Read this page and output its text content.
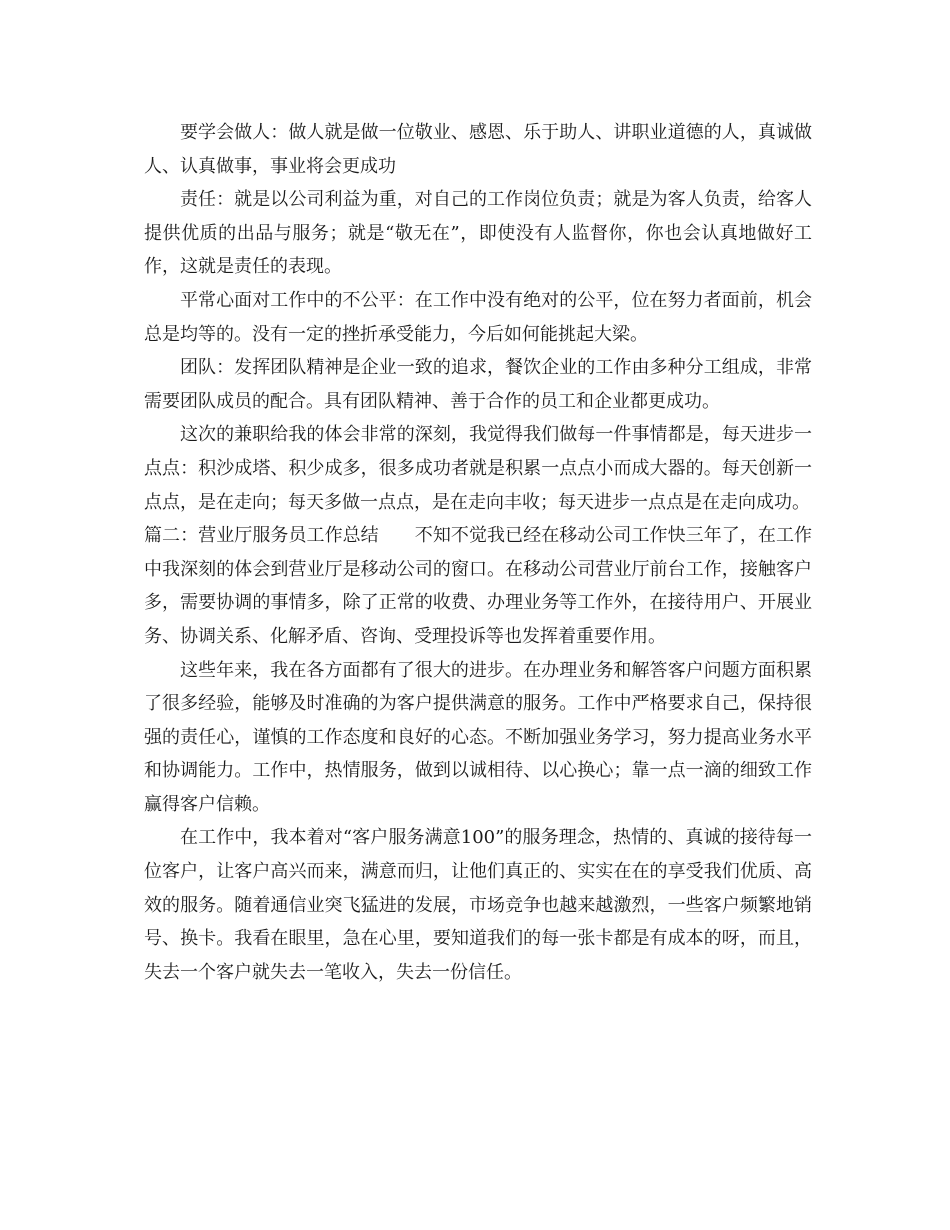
要学会做人：做人就是做一位敬业、感恩、乐于助人、讲职业道德的人，真诚做人、认真做事，事业将会更成功

责任：就是以公司利益为重，对自己的工作岗位负责；就是为客人负责，给客人提供优质的出品与服务；就是“敬无在”，即使没有人监督你，你也会认真地做好工作，这就是责任的表现。

平常心面对工作中的不公平：在工作中没有绝对的公平，位在努力者面前，机会总是均等的。没有一定的挫折承受能力，今后如何能挑起大梁。

团队：发挥团队精神是企业一致的追求，餐饮企业的工作由多种分工组成，非常需要团队成员的配合。具有团队精神、善于合作的员工和企业都更成功。

这次的兼职给我的体会非常的深刻，我觉得我们做每一件事情都是，每天进步一点点：积沙成塔、积少成多，很多成功者就是积累一点点小而成大器的。每天创新一点点，是在走向；每天多做一点点，是在走向丰收；每天进步一点点是在走向成功。

篇二：营业厅服务员工作总结 不知不觉我已经在移动公司工作快三年了，在工作中我深刻的体会到营业厅是移动公司的窗口。在移动公司营业厅前台工作，接触客户多，需要协调的事情多，除了正常的收费、办理业务等工作外，在接待用户、开展业务、协调关系、化解矛盾、咨询、受理投诉等也发挥着重要作用。

这些年来，我在各方面都有了很大的进步。在办理业务和解答客户问题方面积累了很多经验，能够及时准确的为客户提供满意的服务。工作中严格要求自己，保持很强的责任心，谨慎的工作态度和良好的心态。不断加强业务学习，努力提高业务水平和协调能力。工作中，热情服务，做到以诚相待、以心换心；靠一点一滴的细致工作赢得客户信赖。

在工作中，我本着对“客户服务满意100”的服务理念，热情的、真诚的接待每一位客户，让客户高兴而来，满意而归，让他们真正的、实实在在的享受我们优质、高效的服务。随着通信业突飞猛进的发展，市场竞争也越来越激烈，一些客户频繁地销号、换卡。我看在眼里，急在心里，要知道我们的每一张卡都是有成本的呀，而且，失去一个客户就失去一笔收入，失去一份信任。
